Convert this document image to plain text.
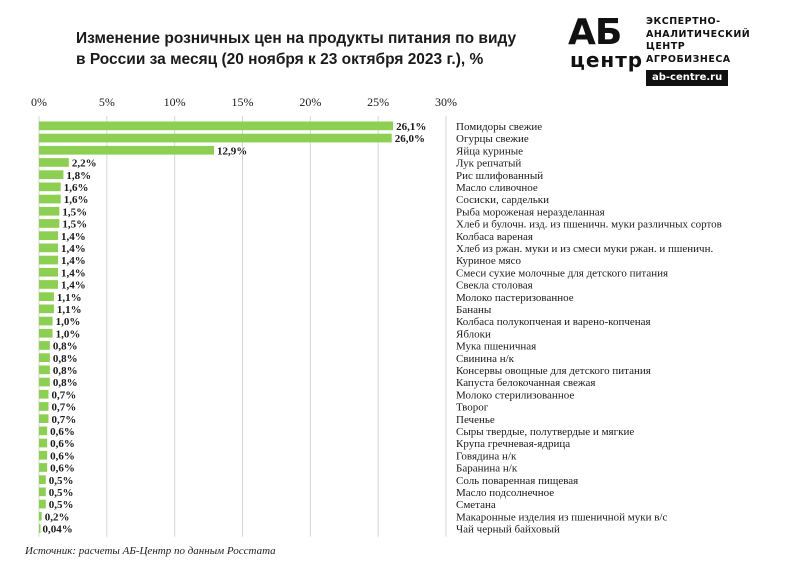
Изменение розничных цен на продукты питания по виду
в России за месяц (20 ноября к 23 октября 2023 г.), %
АБ
центр
ЭКСПЕРТНО-
АНАЛИТИЧЕСКИЙ
ЦЕНТР
АГРОБИЗНЕСА
ab-centre.ru
0%	5%	10%	15%	20%	25%	30%
26,1%	Помидоры свежие
26,0%	Огурцы свежие
12,9%	Яйца куриные
2,2%	Лук репчатый
1,8%	Рис шлифованный
1,6%	Масло сливочное
1,6%	Сосиски, сардельки
1,5%	Рыба мороженая неразделанная
1,5%	Хлеб и булочн. изд. из пшеничн. муки различных сортов
1,4%	Колбаса вареная
1,4%	Хлеб из ржан. муки и из смеси муки ржан. и пшеничн.
1,4%	Куриное мясо
1,4%	Смеси сухие молочные для детского питания
1,4%	Свекла столовая
1,1%	Молоко пастеризованное
1,1%	Бананы
1,0%	Колбаса полукопченая и варено-копченая
1,0%	Яблоки
0,8%	Мука пшеничная
0,8%	Свинина н/к
0,8%	Консервы овощные для детского питания
0,8%	Капуста белокочанная свежая
0,7%	Молоко стерилизованное
0,7%	Творог
0,7%	Печенье
0,6%	Сыры твердые, полутвердые и мягкие
0,6%	Крупа гречневая-ядрица
0,6%	Говядина н/к
0,6%	Баранина н/к
0,5%	Соль поваренная пищевая
0,5%	Масло подсолнечное
0,5%	Сметана
0,2%	Макаронные изделия из пшеничной муки в/с
0,04%	Чай черный байховый
Источник: расчеты АБ-Центр по данным Росстата
